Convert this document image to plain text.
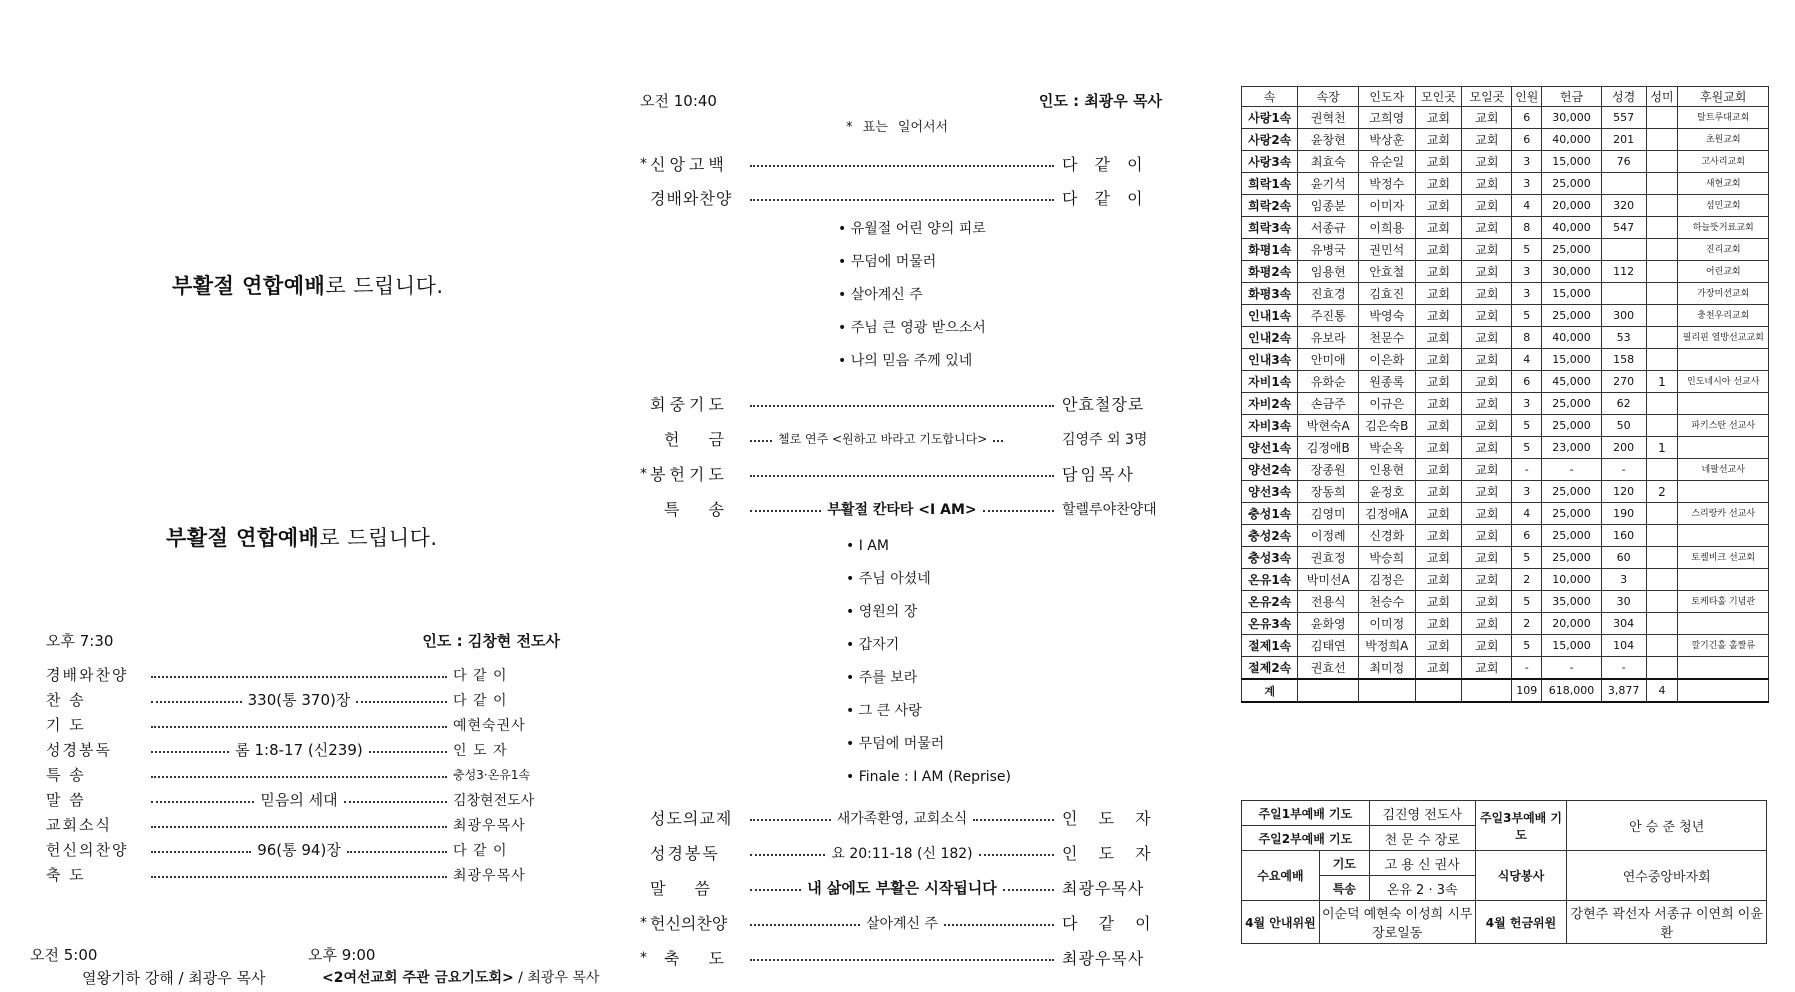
부활절 연합예배로 드립니다.
부활절 연합예배로 드립니다.
오후 7:30	인도 : 김창현 전도사
경배와찬양	다 같 이
찬 송	330(통 370)장	다 같 이
기 도	예현숙권사
성경봉독	롬 1:8-17 (신239)	인 도 자
특 송	충성3·온유1속
말 씀	믿음의 세대	김창현전도사
교회소식	최광우목사
헌신의찬양	96(통 94)장	다 같 이
축 도	최광우목사
오전 5:00
열왕기하 강해 / 최광우 목사
오후 9:00
<2여선교회 주관 금요기도회> / 최광우 목사
오전 10:40	인도 : 최광우 목사
* 표는 일어서서
* 신앙고백	다 같 이
경배와찬양	다 같 이
• 유월절 어린 양의 피로
• 무덤에 머물러
• 살아계신 주
• 주님 큰 영광 받으소서
• 나의 믿음 주께 있네
회중기도	안효철장로
헌 금	첼로 연주 <원하고 바라고 기도합니다>	김영주 외 3명
* 봉헌기도	담임목사
특 송	부활절 칸타타 <I AM>	할렐루야찬양대
• I AM
• 주님 아셨네
• 영원의 장
• 갑자기
• 주를 보라
• 그 큰 사랑
• 무덤에 머물러
• Finale : I AM (Reprise)
성도의교제	새가족환영, 교회소식	인 도 자
성경봉독	요 20:11-18 (신 182)	인 도 자
말 씀	내 삶에도 부활은 시작됩니다	최광우목사
* 헌신의찬양	살아계신 주	다 같 이
*	축 도	최광우목사
속	속장	인도자	모인곳	모일곳	인원	헌금	성경	성미	후원교회
사랑1속	권혁천	고희영	교회	교회	6	30,000	557		탈트루대교회
사랑2속	윤창현	박상훈	교회	교회	6	40,000	201		초원교회
사랑3속	최효숙	유순일	교회	교회	3	15,000	76		고사리교회
희락1속	윤기석	박정수	교회	교회	3	25,000			새현교회
희락2속	임종분	이미자	교회	교회	4	20,000	320		섬민교회
희락3속	서종규	이희용	교회	교회	8	40,000	547		하늘뜻거료교회
화평1속	유병국	권민석	교회	교회	5	25,000			진리교회
화평2속	임용현	안효철	교회	교회	3	30,000	112		어린교회
화평3속	진효경	김효진	교회	교회	3	15,000			가장미션교회
인내1속	주진통	박영숙	교회	교회	5	25,000	300		충천우리교회
인내2속	유보라	천문수	교회	교회	8	40,000	53		필리핀 열방선교교회
인내3속	안미애	이은화	교회	교회	4	15,000	158		
자비1속	유화순	원종록	교회	교회	6	45,000	270	1	인도네시아 선교사
자비2속	손금주	이규은	교회	교회	3	25,000	62		
자비3속	박현숙A	김은숙B	교회	교회	5	25,000	50		파키스탄 선교사
양선1속	김정애B	박순옥	교회	교회	5	23,000	200	1	
양선2속	장종원	인용현	교회	교회	-	-	-		네팔선교사
양선3속	장동희	윤정호	교회	교회	3	25,000	120	2	
충성1속	김영미	김정애A	교회	교회	4	25,000	190		스리랑카 선교사
충성2속	이정례	신경화	교회	교회	6	25,000	160		
충성3속	권효정	박승희	교회	교회	5	25,000	60		토켈비크 선교회
온유1속	박미선A	김정은	교회	교회	2	10,000	3		
온유2속	전용식	천승수	교회	교회	5	35,000	30		토케타홀 기념관
온유3속	윤화영	이미정	교회	교회	2	20,000	304		
절제1속	김태연	박정희A	교회	교회	5	15,000	104		깔기긴홀 홀짤류
절제2속	권효선	최미정	교회	교회	-	-	-		
계					109	618,000	3,877	4	
주일1부예배 기도		김진영 전도사	주일3부예배 기도	안 승 준 청년
주일2부예배 기도		천 문 수 장로		
수요예배	기도	고 용 신 권사	식당봉사	연수중앙바자회
	특송	온유 2 · 3속		
4월 안내위원	이순덕 예현숙 이성희 시무장로일동		4월 헌금위원	강현주 곽선자 서종규 이연희 이윤환
